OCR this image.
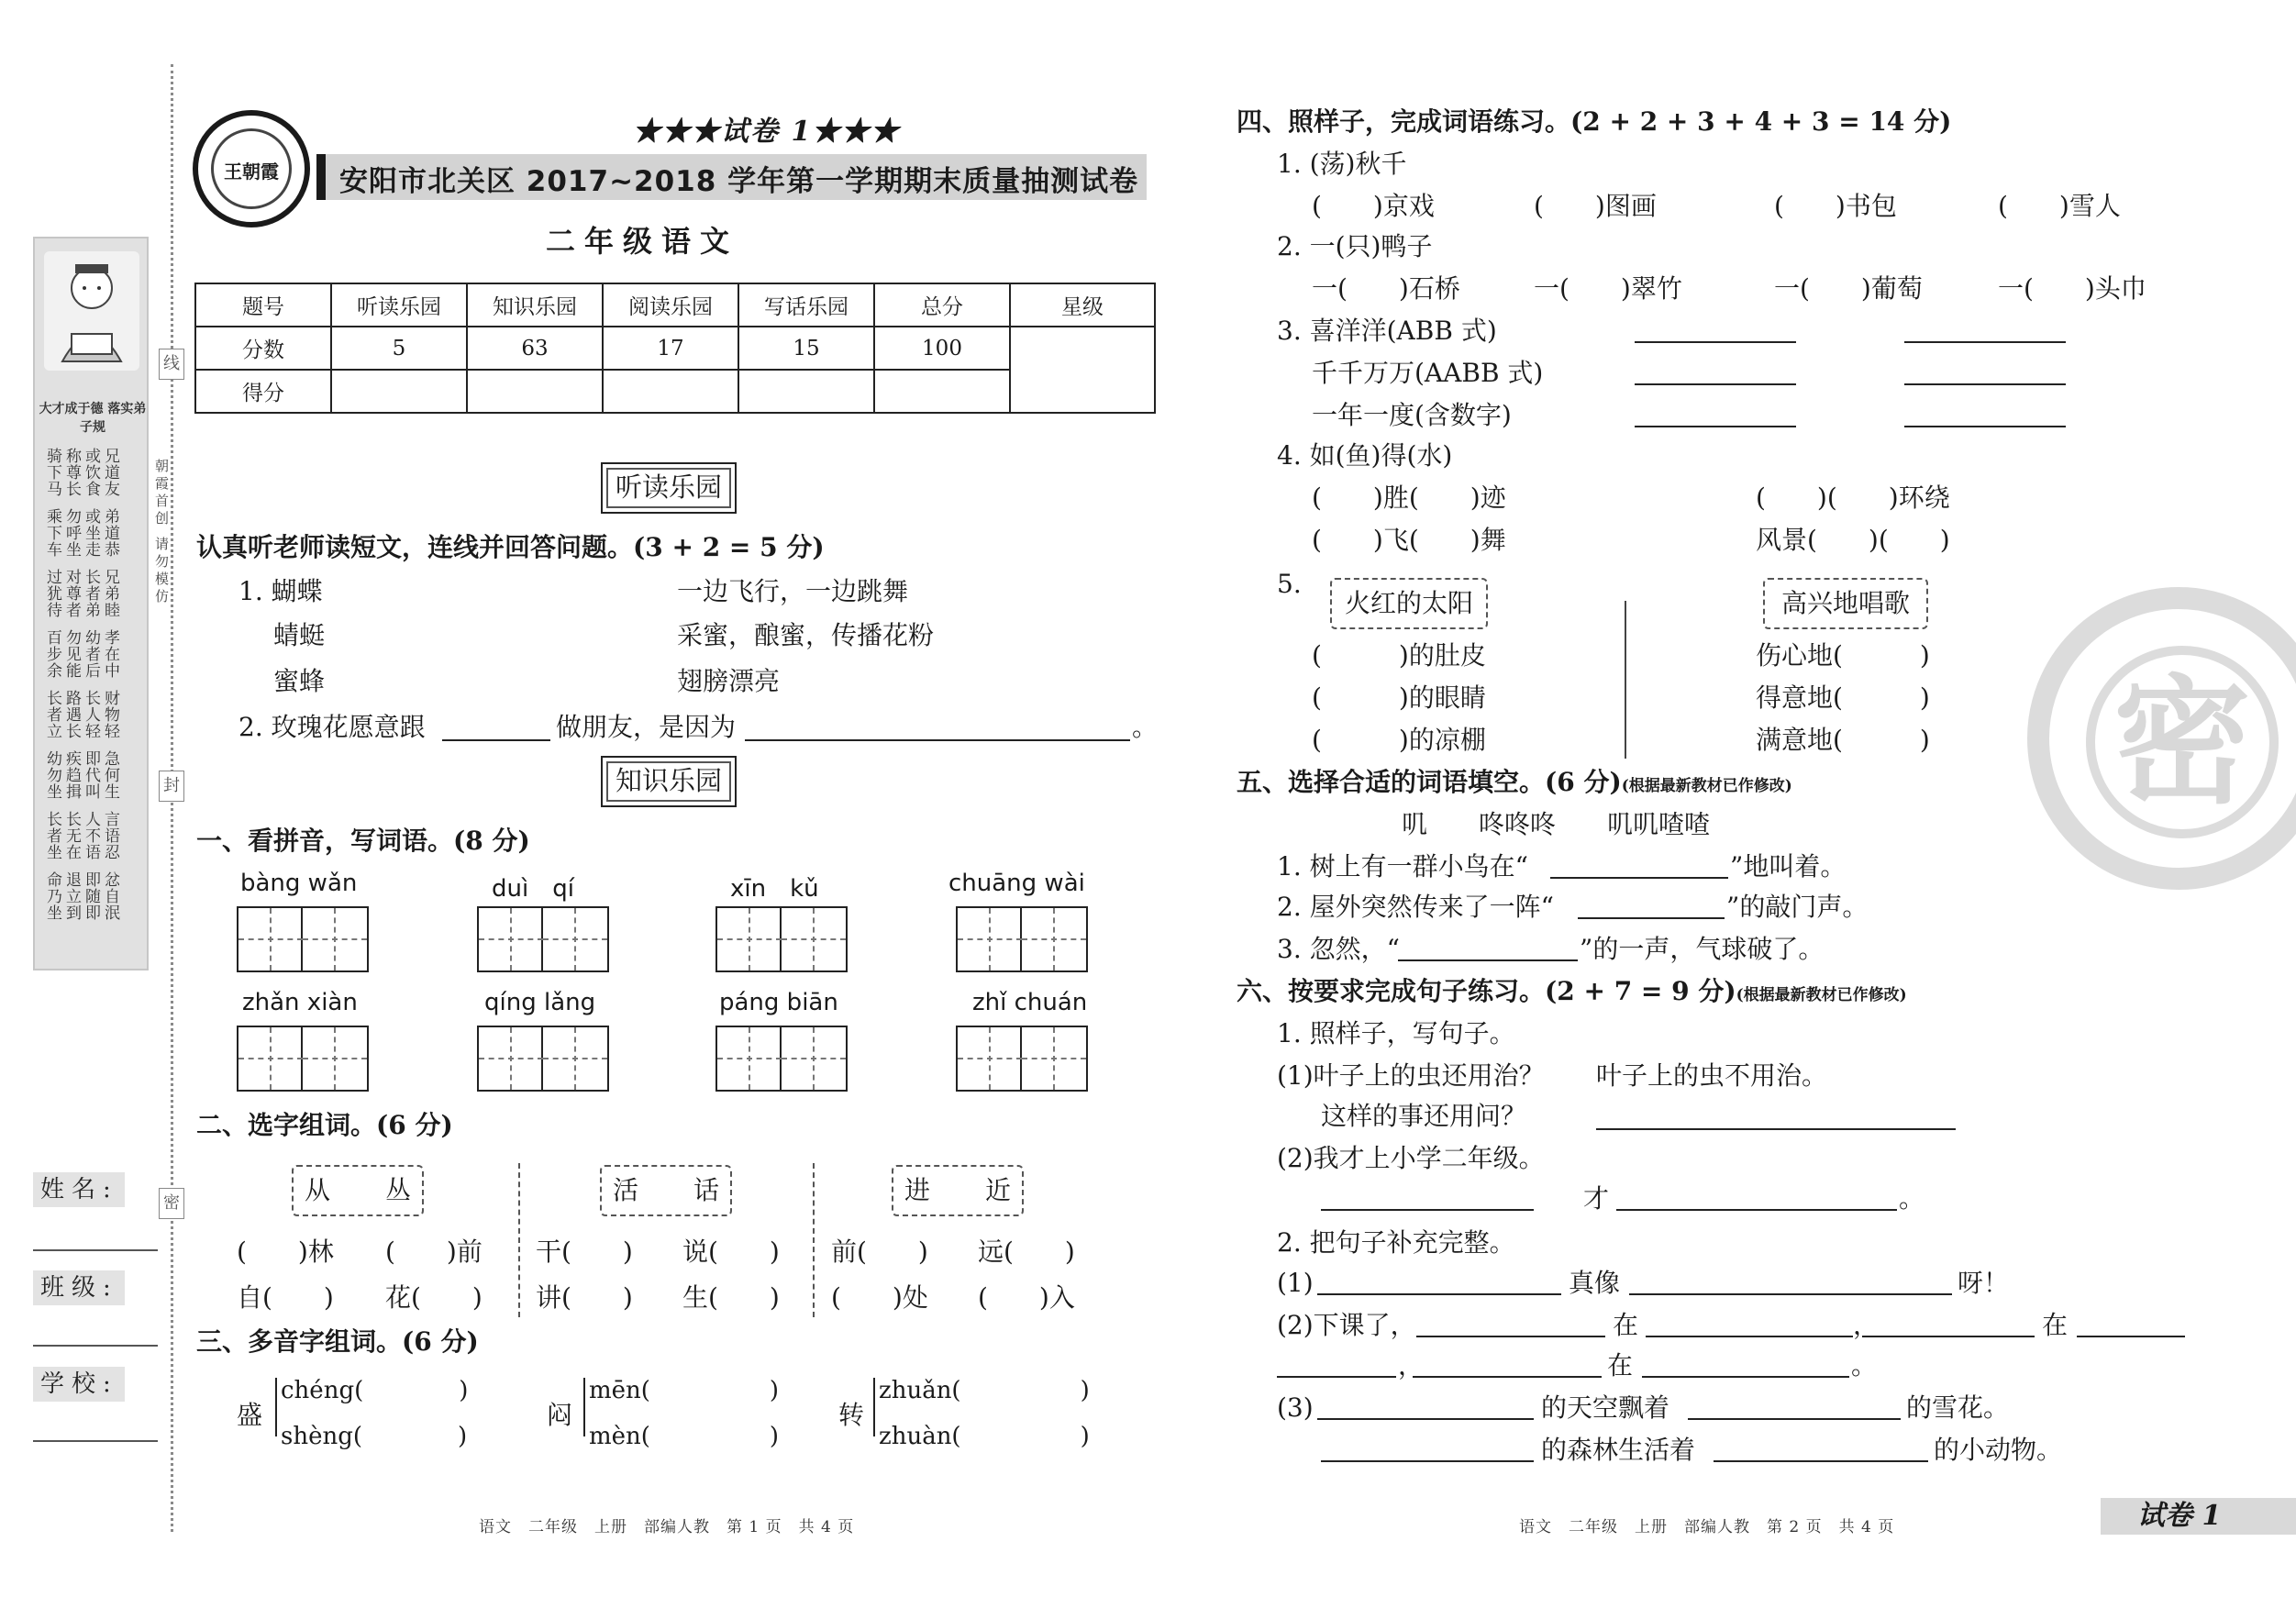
线
封
密
大才成于德 落实弟子规
骑下马称尊长或饮食兄道友
乘下车勿呼坐或坐走弟道恭
过犹待对尊者长者弟兄弟睦
百步余勿见能幼者后孝在中
长者立路遇长长人轻财物轻
幼勿坐疾趋揖即代叫急何生
长者坐长无在人不语言语忍
命乃坐退立到即随即忿自泯
朝霞首创 请勿模仿
姓名:
班级:
学校:
王朝霞
★★★试卷 1★★★
安阳市北关区 2017~2018 学年第一学期期末质量抽测试卷
二年级语文
题号	听读乐园	知识乐园	阅读乐园	写话乐园	总分	星级
分数	5	63	17	15	100	
得分						
听读乐园
认真听老师读短文，连线并回答问题。(3 + 2 = 5 分)
1. 蝴蝶
蜻蜓
蜜蜂
一边飞行，一边跳舞
采蜜，酿蜜，传播花粉
翅膀漂亮
2. 玫瑰花愿意跟	做朋友，是因为	。
知识乐园
一、看拼音，写词语。(8 分)
bàng wǎn	duì　qí	xīn　kǔ	chuāng wài
zhǎn xiàn	qíng lǎng	páng biān	zhǐ chuán
二、选字组词。(6 分)
从 丛	活 话	进 近
(　　)林 (　　)前 干(　　) 说(　　) 前(　　) 远(　　)
自(　　) 花(　　) 讲(　　) 生(　　) (　　)处 (　　)入
三、多音字组词。(6 分)
盛
chéng(　　　　)
shèng(　　　　)
闷
mēn(　　　　　)
mèn(　　　　　)
转
zhuǎn(　　　　　)
zhuàn(　　　　　)
语文　二年级　上册　部编人教　第 1 页　共 4 页
密
四、照样子，完成词语练习。(2 + 2 + 3 + 4 + 3 = 14 分)
1. (荡)秋千
(　　)京戏	(　　)图画	(　　)书包	(　　)雪人
2. 一(只)鸭子
一(　　)石桥	一(　　)翠竹	一(　　)葡萄	一(　　)头巾
3. 喜洋洋(ABB 式)
千千万万(AABB 式)
一年一度(含数字)
4. 如(鱼)得(水)
(　　)胜(　　)迹	(　　)(　　)环绕
(　　)飞(　　)舞	风景(　　)(　　)
5.
火红的太阳	高兴地唱歌
(　　　)的肚皮
(　　　)的眼睛
(　　　)的凉棚
伤心地(　　　)
得意地(　　　)
满意地(　　　)
五、选择合适的词语填空。(6 分)(根据最新教材已作修改)
叽　　咚咚咚　　叽叽喳喳
1. 树上有一群小鸟在“	”地叫着。
2. 屋外突然传来了一阵“	”的敲门声。
3. 忽然，“	”的一声，气球破了。
六、按要求完成句子练习。(2 + 7 = 9 分)(根据最新教材已作修改)
1. 照样子，写句子。
(1)叶子上的虫还用治？ 叶子上的虫不用治。
这样的事还用问？
(2)我才上小学二年级。
才	。
2. 把句子补充完整。
(1)	真像	呀！
(2)下课了，	在	，	在
，	在	。
(3)	的天空飘着	的雪花。
的森林生活着	的小动物。
语文　二年级　上册　部编人教　第 2 页　共 4 页	试卷 1
